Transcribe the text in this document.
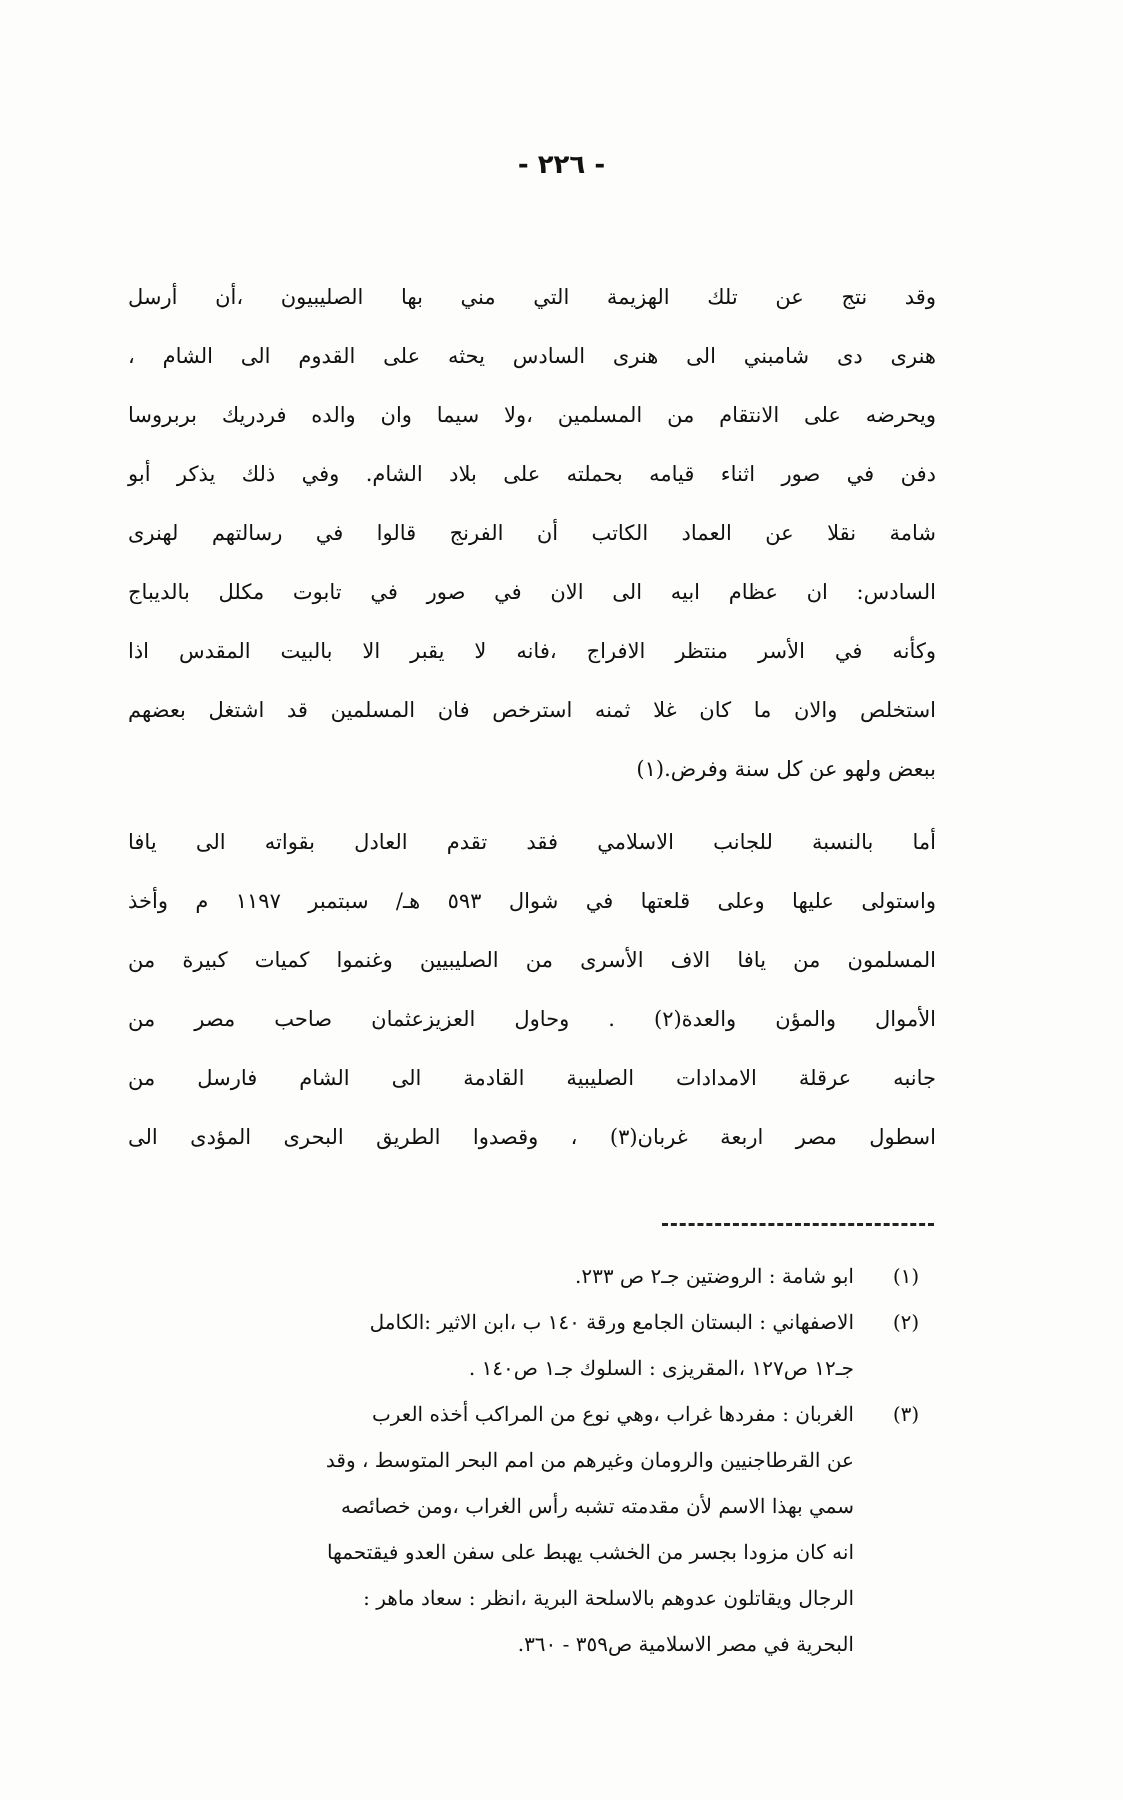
- ٢٢٦ -
وقد نتج عن تلك الهزيمة التي مني بها الصليبيون ،أن أرسل
هنرى دى شامبني الى هنرى السادس يحثه على القدوم الى الشام ،
ويحرضه على الانتقام من المسلمين ،ولا سيما وان والده فردريك بربروسا
دفن في صور اثناء قيامه بحملته على بلاد الشام. وفي ذلك يذكر أبو
شامة نقلا عن العماد الكاتب أن الفرنج قالوا في رسالتهم لهنرى
السادس: ان عظام ابيه الى الان في صور في تابوت مكلل بالديباج
وكأنه في الأسر منتظر الافراج ،فانه لا يقبر الا بالبيت المقدس اذا
استخلص والان ما كان غلا ثمنه استرخص فان المسلمين قد اشتغل بعضهم
ببعض ولهو عن كل سنة وفرض.(١)
أما بالنسبة للجانب الاسلامي فقد تقدم العادل بقواته الى يافا
واستولى عليها وعلى قلعتها في شوال ٥٩٣ هـ/ سبتمبر ١١٩٧ م وأخذ
المسلمون من يافا الاف الأسرى من الصليبيين وغنموا كميات كبيرة من
الأموال والمؤن والعدة(٢) . وحاول العزيزعثمان صاحب مصر من
جانبه عرقلة الامدادات الصليبية القادمة الى الشام فارسل من
اسطول مصر اربعة غربان(٣) ، وقصدوا الطريق البحرى المؤدى الى
(١)
ابو شامة : الروضتين جـ٢ ص ٢٣٣.
(٢)
الاصفهاني : البستان الجامع ورقة ١٤٠ ب ،ابن الاثير :الكامل
جـ١٢ ص١٢٧ ،المقريزى : السلوك جـ١ ص١٤٠ .
(٣)
الغربان : مفردها غراب ،وهي نوع من المراكب أخذه العرب
عن القرطاجنيين والرومان وغيرهم من امم البحر المتوسط ، وقد
سمي بهذا الاسم لأن مقدمته تشبه رأس الغراب ،ومن خصائصه
انه كان مزودا بجسر من الخشب يهبط على سفن العدو فيقتحمها
الرجال ويقاتلون عدوهم بالاسلحة البرية ،انظر : سعاد ماهر :
البحرية في مصر الاسلامية ص٣٥٩ - ٣٦٠.
